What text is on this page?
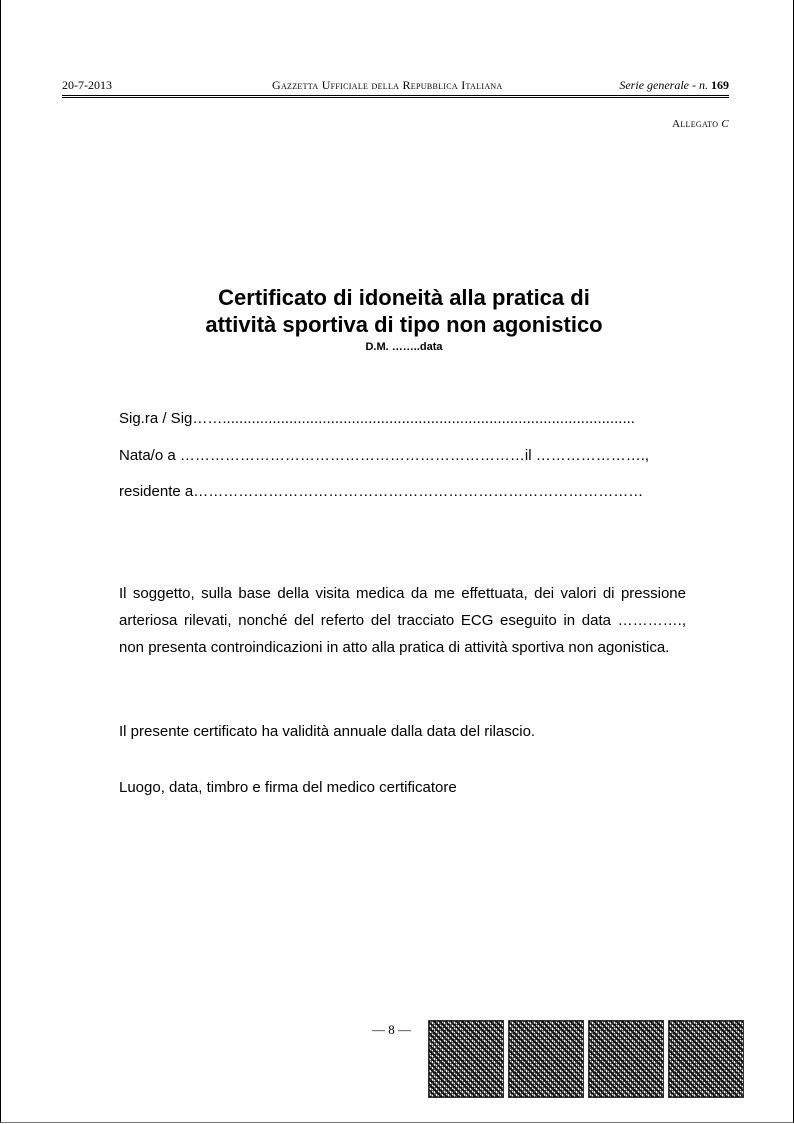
20-7-2013	Gazzetta Ufficiale della Repubblica Italiana	Serie generale - n. 169
Allegato C
Certificato di idoneità alla pratica di
attività sportiva di tipo non agonistico
D.M. ……..data
Sig.ra / Sig……...................................................................................................
Nata/o a ……………………………………………………………il ………………….,
residente a………………………………………………………………………………
Il soggetto, sulla base della visita medica da me effettuata, dei valori di pressione arteriosa rilevati, nonché del referto del tracciato ECG eseguito in data …………., non presenta controindicazioni in atto alla pratica di attività sportiva non agonistica.
Il presente certificato ha validità annuale dalla data del rilascio.
Luogo, data, timbro e firma del medico certificatore
— 8 —
